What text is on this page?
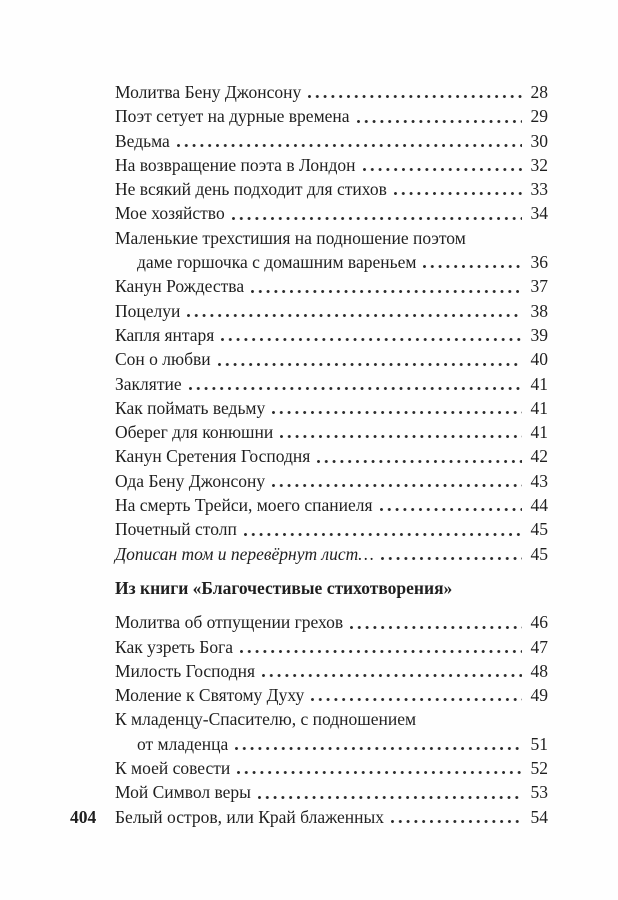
Молитва Бену Джонсону	28
Поэт сетует на дурные времена	29
Ведьма	30
На возвращение поэта в Лондон	32
Не всякий день подходит для стихов	33
Мое хозяйство	34
Маленькие трехстишия на подношение поэтом
даме горшочка с домашним вареньем	36
Канун Рождества	37
Поцелуи	38
Капля янтаря	39
Сон о любви	40
Заклятие	41
Как поймать ведьму	41
Оберег для конюшни	41
Канун Сретения Господня	42
Ода Бену Джонсону	43
На смерть Трейси, моего спаниеля	44
Почетный столп	45
Дописан том и перевёрнут лист…	45
Из книги «Благочестивые стихотворения»
Молитва об отпущении грехов	46
Как узреть Бога	47
Милость Господня	48
Моление к Святому Духу	49
К младенцу-Спасителю, с подношением
от младенца	51
К моей совести	52
Мой Символ веры	53
Белый остров, или Край блаженных	54
404
